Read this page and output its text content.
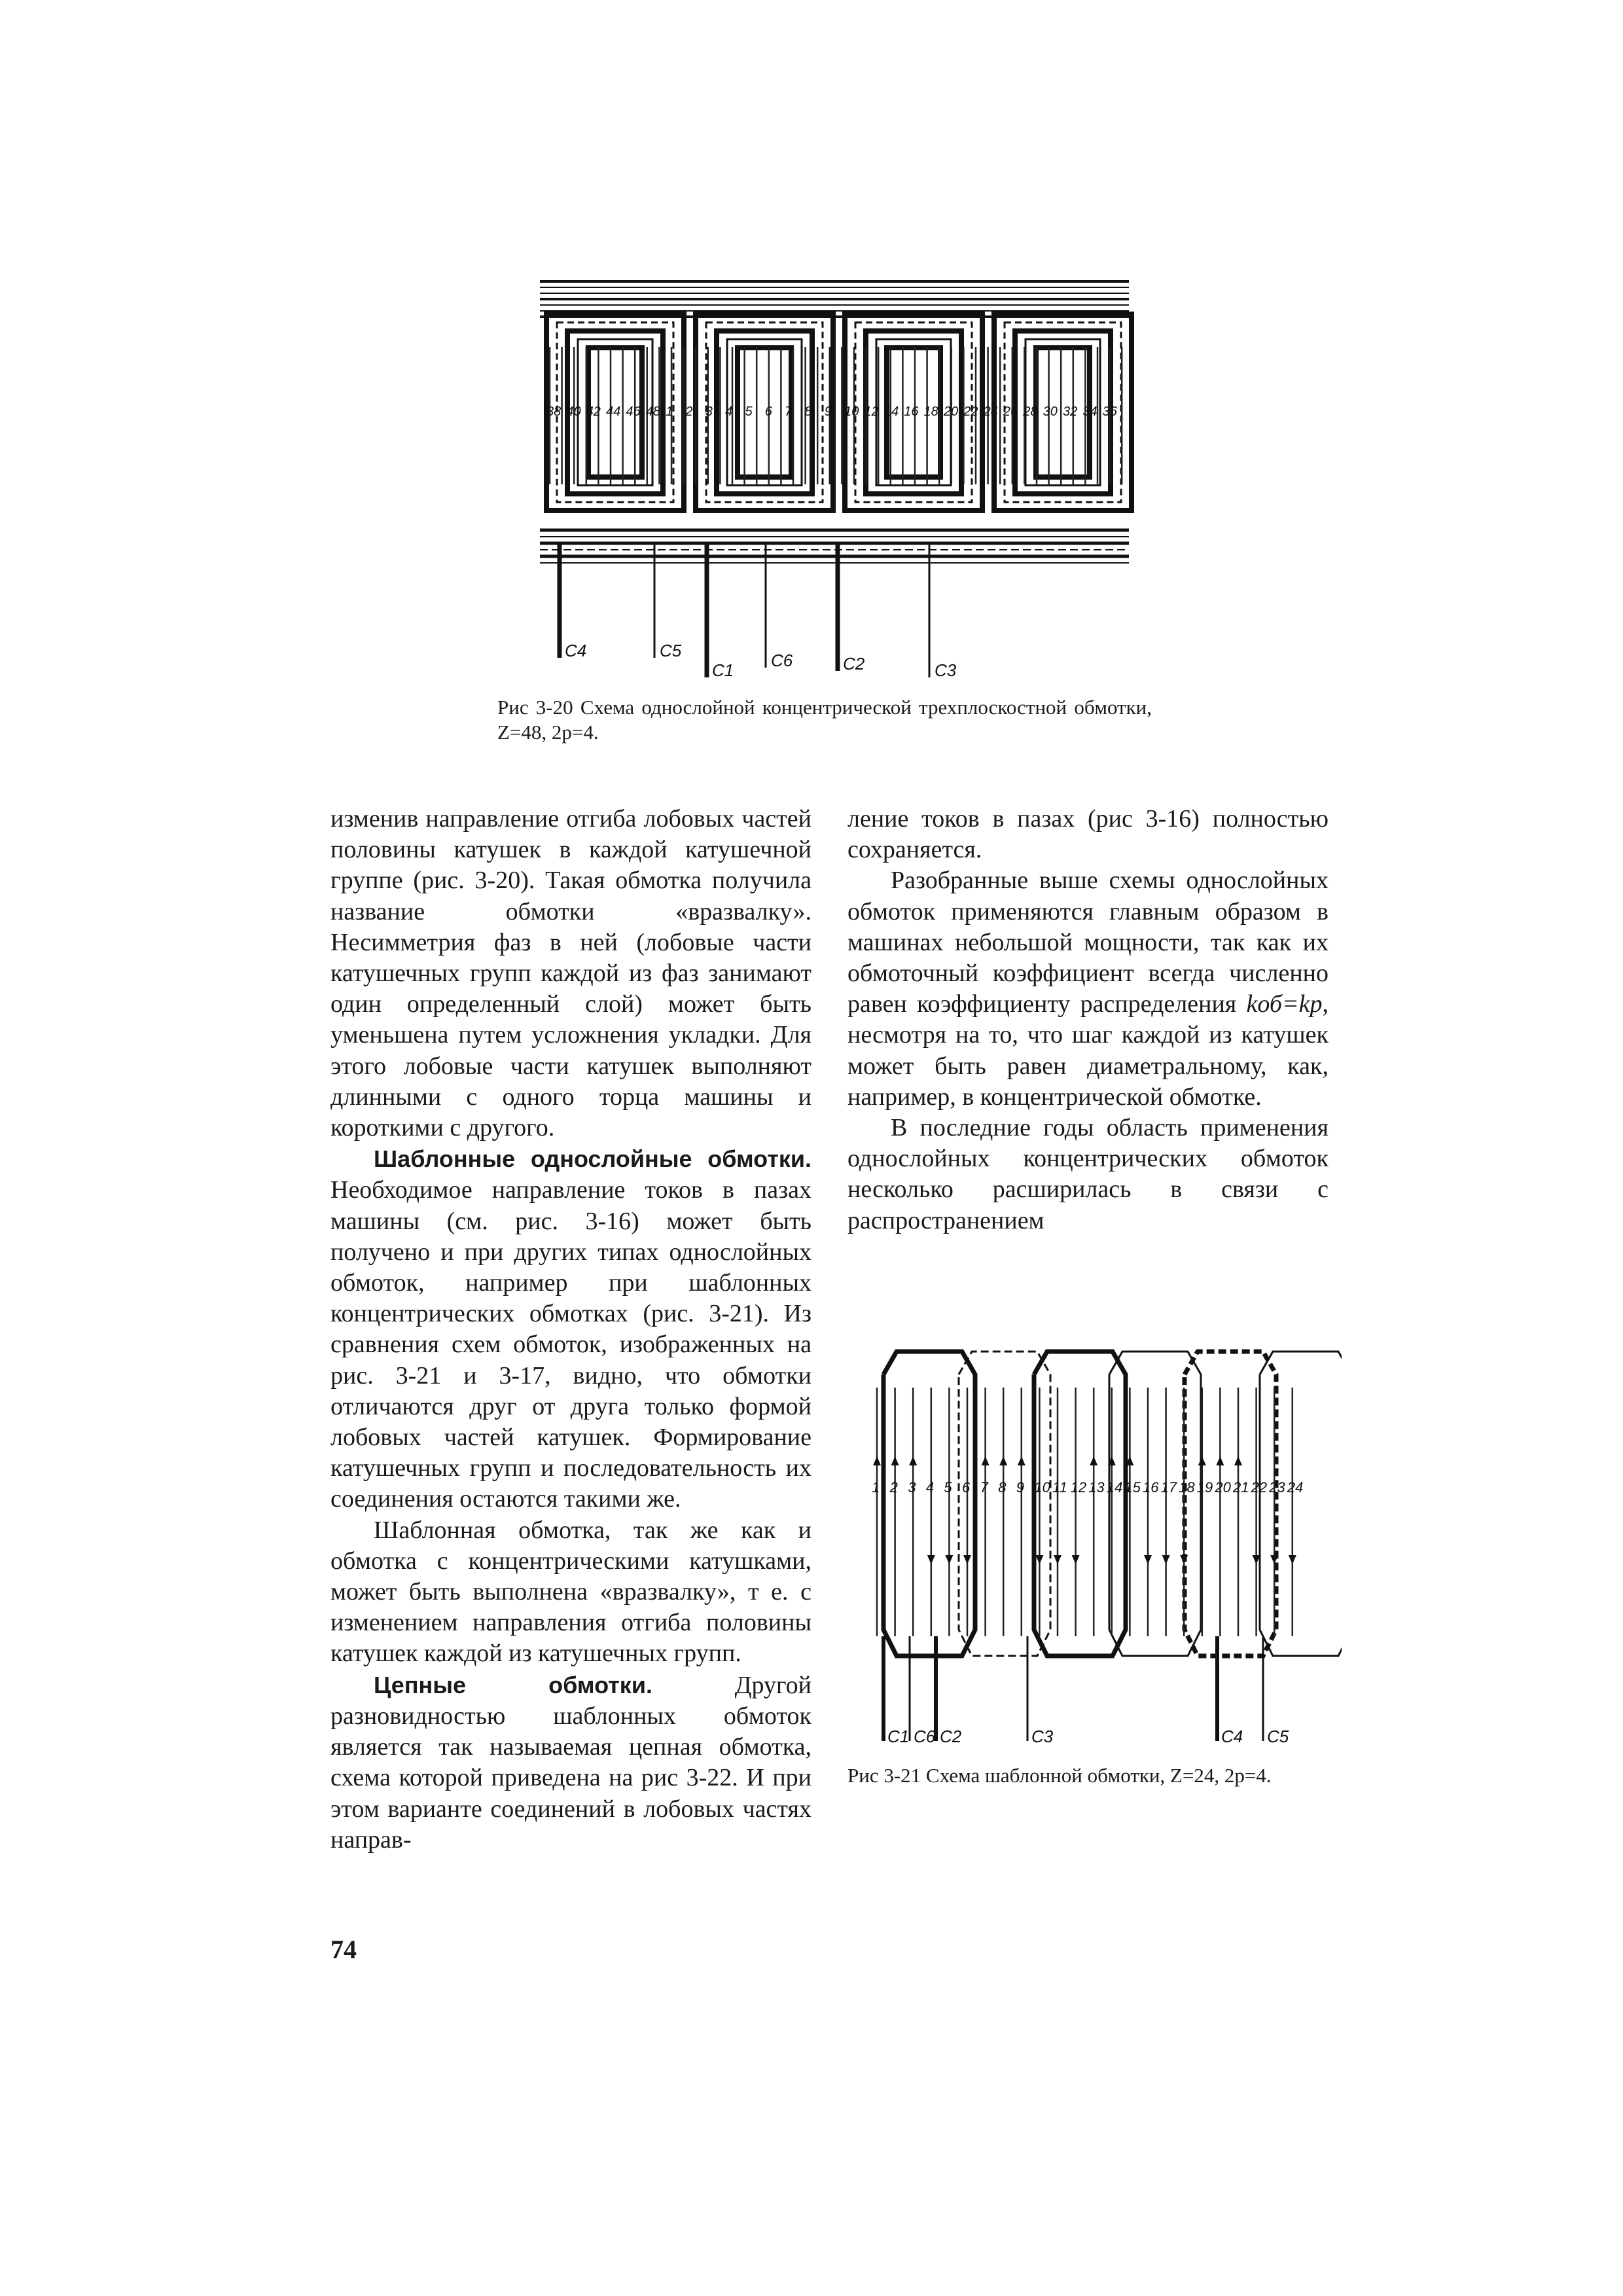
38 40 42 44 46 48 1 2 3 4 5 6 7 8 9 10 12 14 16 18 20 22 24 26 28 30 32 34 36
C4	C5
C1 C6	C2	C3
Рис 3-20 Схема однослойной концентрической трехплоскостной обмотки, Z=48, 2p=4.

изменив направление отгиба лобовых частей половины катушек в каждой катушечной группе (рис. 3-20). Такая обмотка получила название обмотки «вразвалку». Несимметрия фаз в ней (лобовые части катушечных групп каждой из фаз занимают один определенный слой) может быть уменьшена путем усложнения укладки. Для этого лобовые части катушек выполняют длинными с одного торца машины и короткими с другого.

Шаблонные однослойные обмотки. Необходимое направление токов в пазах машины (см. рис. 3-16) может быть получено и при других типах однослойных обмоток, например при шаблонных концентрических обмотках (рис. 3-21). Из сравнения схем обмоток, изображенных на рис. 3-21 и 3-17, видно, что обмотки отличаются друг от друга только формой лобовых частей катушек. Формирование катушечных групп и последовательность их соединения остаются такими же.

Шаблонная обмотка, так же как и обмотка с концентрическими катушками, может быть выполнена «вразвалку», т е. с изменением направления отгиба половины катушек каждой из катушечных групп.

Цепные обмотки. Другой разновидностью шаблонных обмоток является так называемая цепная обмотка, схема которой приведена на рис 3-22. И при этом варианте соединений в лобовых частях направ-

ление токов в пазах (рис 3-16) полностью сохраняется.

Разобранные выше схемы однослойных обмоток применяются главным образом в машинах небольшой мощности, так как их обмоточный коэффициент всегда численно равен коэффициенту распределения kоб=kр, несмотря на то, что шаг каждой из катушек может быть равен диаметральному, как, например, в концентрической обмотке.

В последние годы область применения однослойных концентрических обмоток несколько расширилась в связи с распространением

1 2 3 4 5 6 7 8 9 10 11 12 13 14 15 16 17 18 19 20 21 22 23 24
C1 C6 C2	C3	C4 C5
Рис 3-21 Схема шаблонной обмотки, Z=24, 2p=4.
74
